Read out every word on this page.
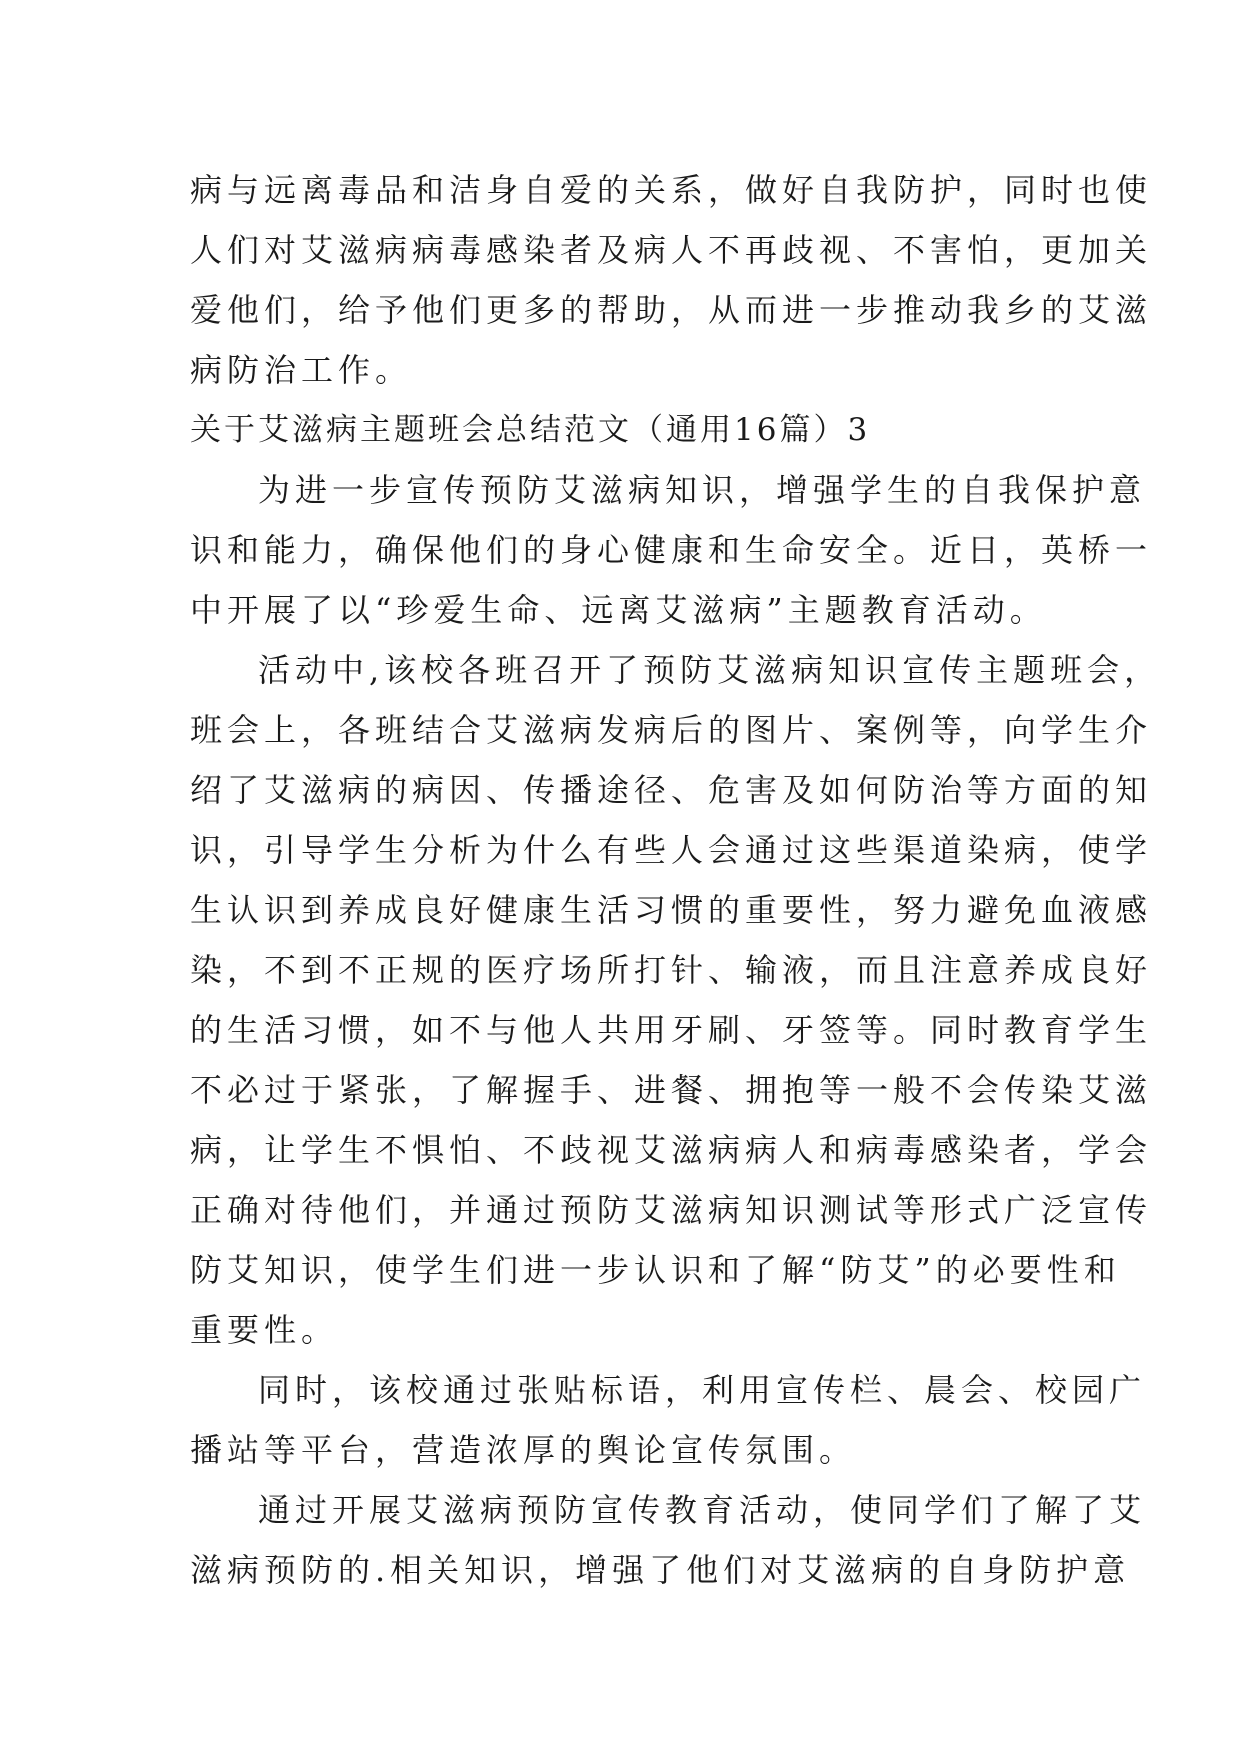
病与远离毒品和洁身自爱的关系，做好自我防护，同时也使
人们对艾滋病病毒感染者及病人不再歧视、不害怕，更加关
爱他们，给予他们更多的帮助，从而进一步推动我乡的艾滋
病防治工作。
关于艾滋病主题班会总结范文（通用16篇）3
为进一步宣传预防艾滋病知识，增强学生的自我保护意
识和能力，确保他们的身心健康和生命安全。近日，英桥一
中开展了以“珍爱生命、远离艾滋病”主题教育活动。
活动中,该校各班召开了预防艾滋病知识宣传主题班会，
班会上，各班结合艾滋病发病后的图片、案例等，向学生介
绍了艾滋病的病因、传播途径、危害及如何防治等方面的知
识，引导学生分析为什么有些人会通过这些渠道染病，使学
生认识到养成良好健康生活习惯的重要性，努力避免血液感
染，不到不正规的医疗场所打针、输液，而且注意养成良好
的生活习惯，如不与他人共用牙刷、牙签等。同时教育学生
不必过于紧张，了解握手、进餐、拥抱等一般不会传染艾滋
病，让学生不惧怕、不歧视艾滋病病人和病毒感染者，学会
正确对待他们，并通过预防艾滋病知识测试等形式广泛宣传
防艾知识，使学生们进一步认识和了解“防艾”的必要性和
重要性。
同时，该校通过张贴标语，利用宣传栏、晨会、校园广
播站等平台，营造浓厚的舆论宣传氛围。
通过开展艾滋病预防宣传教育活动，使同学们了解了艾
滋病预防的.相关知识，增强了他们对艾滋病的自身防护意
